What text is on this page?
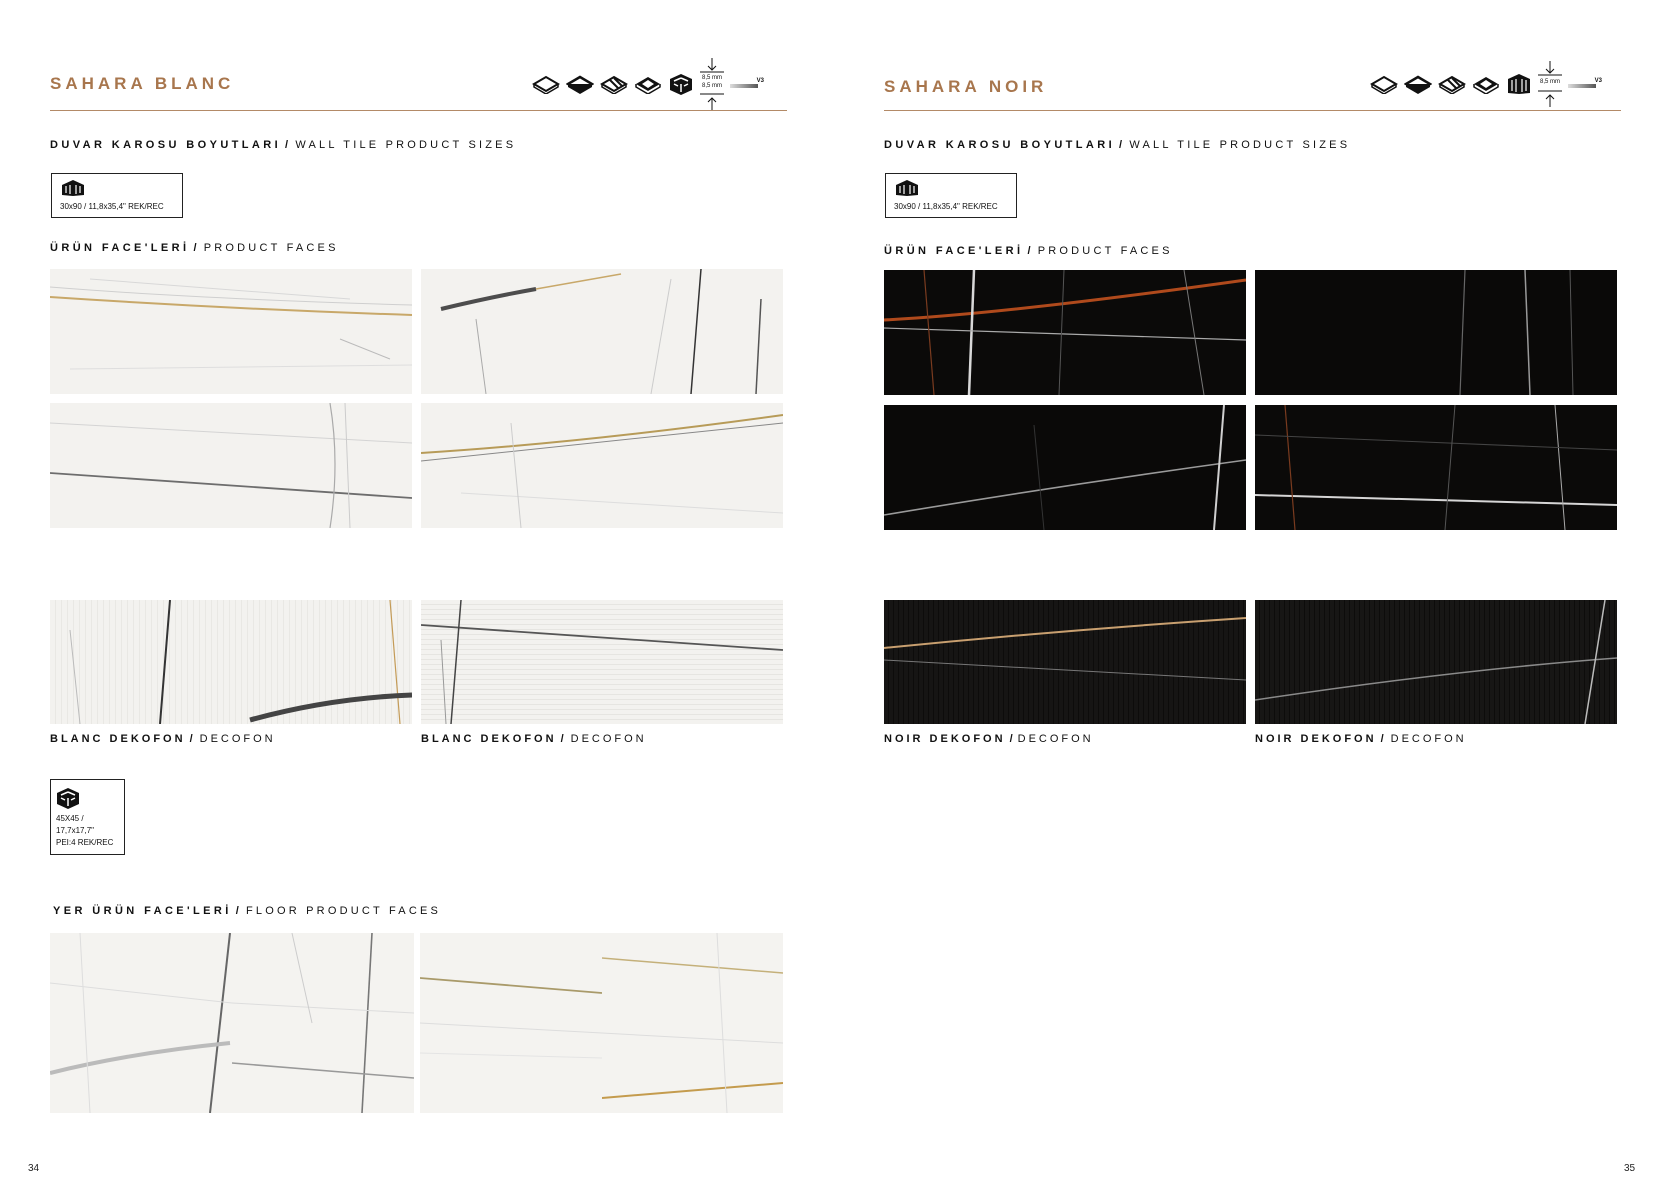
SAHARA BLANC	8,5 mm
8,5 mm
V3
DUVAR KAROSU BOYUTLARI / WALL TILE PRODUCT SIZES
30x90 / 11,8x35,4" REK/REC
ÜRÜN FACE'LERİ / PRODUCT FACES
BLANC DEKOFON / DECOFON	BLANC DEKOFON / DECOFON
45X45 /
17,7x17,7"
PEI:4 REK/REC
YER ÜRÜN FACE'LERİ / FLOOR PRODUCT FACES
34
SAHARA NOIR	8,5 mm	V3
DUVAR KAROSU BOYUTLARI / WALL TILE PRODUCT SIZES
30x90 / 11,8x35,4" REK/REC
ÜRÜN FACE'LERİ / PRODUCT FACES
NOIR DEKOFON / DECOFON	NOIR DEKOFON / DECOFON
35
